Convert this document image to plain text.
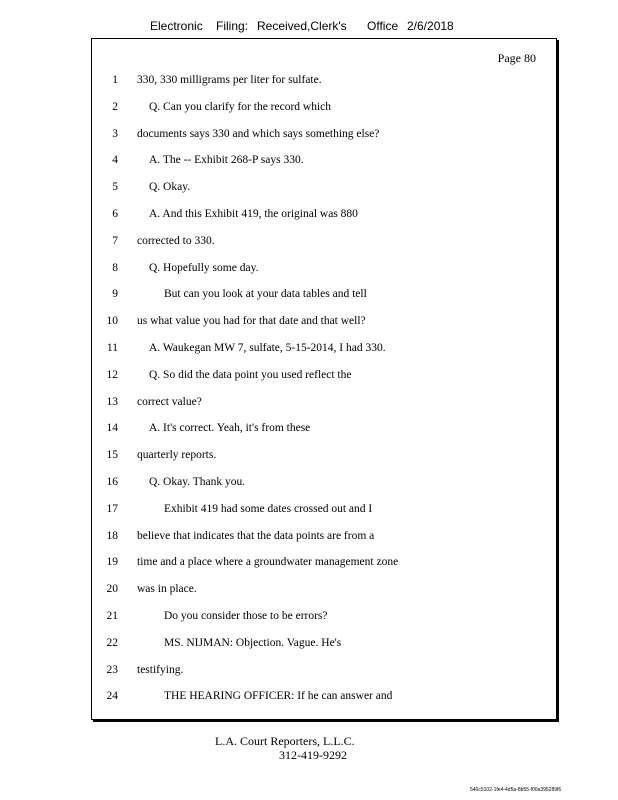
Electronic Filing: Received,Clerk's Office 2/6/2018
Page 80
1 330, 330 milligrams per liter for sulfate.
2	Q. Can you clarify for the record which
3 documents says 330 and which says something else?
4	A. The -- Exhibit 268-P says 330.
5	Q. Okay.
6	A. And this Exhibit 419, the original was 880
7 corrected to 330.
8	Q. Hopefully some day.
9	But can you look at your data tables and tell
10 us what value you had for that date and that well?
11	A. Waukegan MW 7, sulfate, 5-15-2014, I had 330.
12	Q. So did the data point you used reflect the
13 correct value?
14	A. It's correct. Yeah, it's from these
15 quarterly reports.
16	Q. Okay. Thank you.
17	Exhibit 419 had some dates crossed out and I
18 believe that indicates that the data points are from a
19 time and a place where a groundwater management zone
20 was in place.
21	Do you consider those to be errors?
22	MS. NIJMAN: Objection. Vague. He's
23 testifying.
24	THE HEARING OFFICER: If he can answer and
L.A. Court Reporters, L.L.C.
312-419-9292
546c5102-1fe4-4d5a-8b55-f00a395289f6
